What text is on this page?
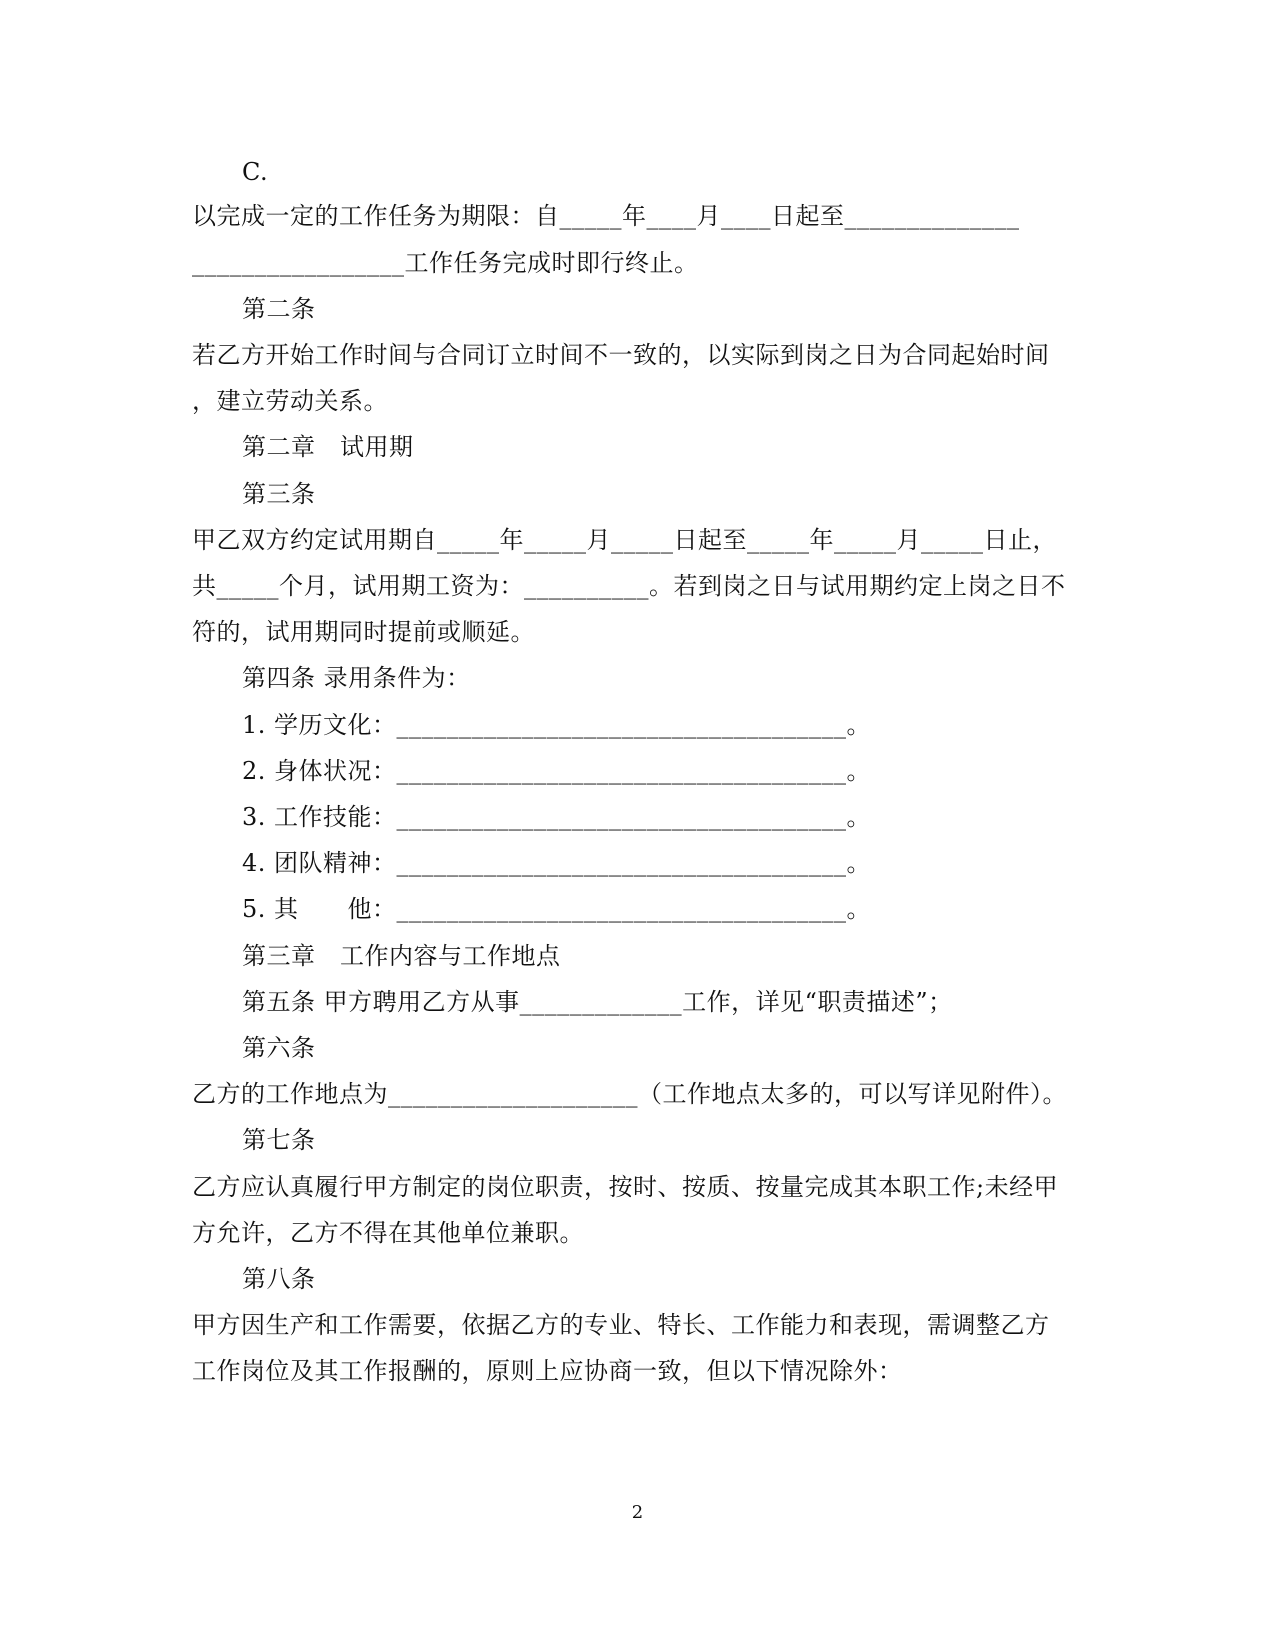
C.
以完成一定的工作任务为期限：自_____年____月____日起至______________
_________________工作任务完成时即行终止。
第二条
若乙方开始工作时间与合同订立时间不一致的，以实际到岗之日为合同起始时间
，建立劳动关系。
第二章　试用期
第三条
甲乙双方约定试用期自_____年_____月_____日起至_____年_____月_____日止，
共_____个月，试用期工资为：__________。若到岗之日与试用期约定上岗之日不
符的，试用期同时提前或顺延。
第四条 录用条件为：
1. 学历文化：____________________________________。
2. 身体状况：____________________________________。
3. 工作技能：____________________________________。
4. 团队精神：____________________________________。
5. 其　　他：____________________________________。
第三章　工作内容与工作地点
第五条 甲方聘用乙方从事_____________工作，详见“职责描述”；
第六条
乙方的工作地点为____________________（工作地点太多的，可以写详见附件）。
第七条
乙方应认真履行甲方制定的岗位职责，按时、按质、按量完成其本职工作;未经甲
方允许，乙方不得在其他单位兼职。
第八条
甲方因生产和工作需要，依据乙方的专业、特长、工作能力和表现，需调整乙方
工作岗位及其工作报酬的，原则上应协商一致，但以下情况除外：
2
